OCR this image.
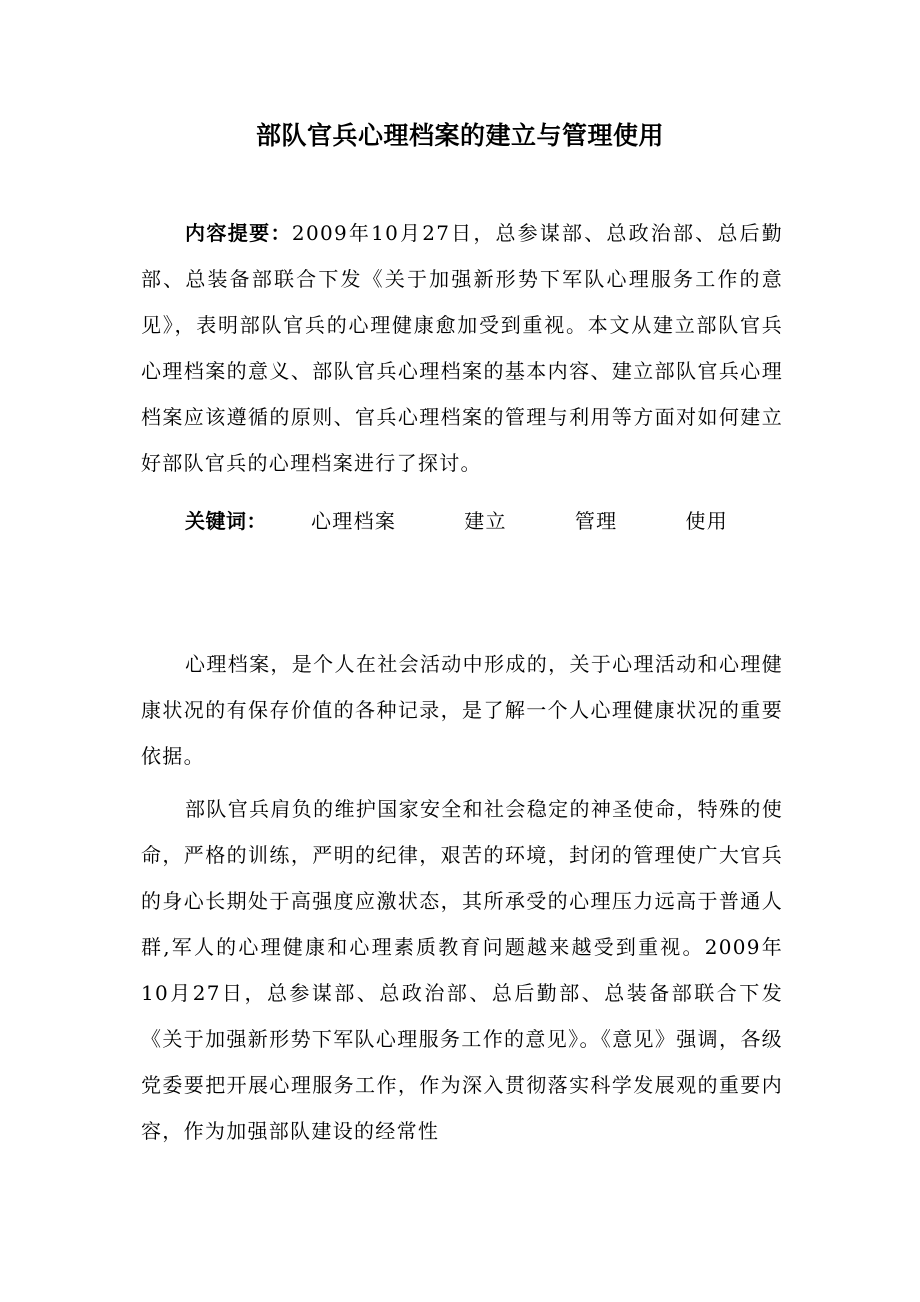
部队官兵心理档案的建立与管理使用

内容提要：2009年10月27日，总参谋部、总政治部、总后勤部、总装备部联合下发《关于加强新形势下军队心理服务工作的意见》，表明部队官兵的心理健康愈加受到重视。本文从建立部队官兵心理档案的意义、部队官兵心理档案的基本内容、建立部队官兵心理档案应该遵循的原则、官兵心理档案的管理与利用等方面对如何建立好部队官兵的心理档案进行了探讨。

关键词： 心理档案	建立	管理	使用

心理档案，是个人在社会活动中形成的，关于心理活动和心理健康状况的有保存价值的各种记录，是了解一个人心理健康状况的重要依据。

部队官兵肩负的维护国家安全和社会稳定的神圣使命，特殊的使命，严格的训练，严明的纪律，艰苦的环境，封闭的管理使广大官兵的身心长期处于高强度应激状态，其所承受的心理压力远高于普通人群,军人的心理健康和心理素质教育问题越来越受到重视。2009年10月27日，总参谋部、总政治部、总后勤部、总装备部联合下发《关于加强新形势下军队心理服务工作的意见》。《意见》强调，各级党委要把开展心理服务工作，作为深入贯彻落实科学发展观的重要内容，作为加强部队建设的经常性
